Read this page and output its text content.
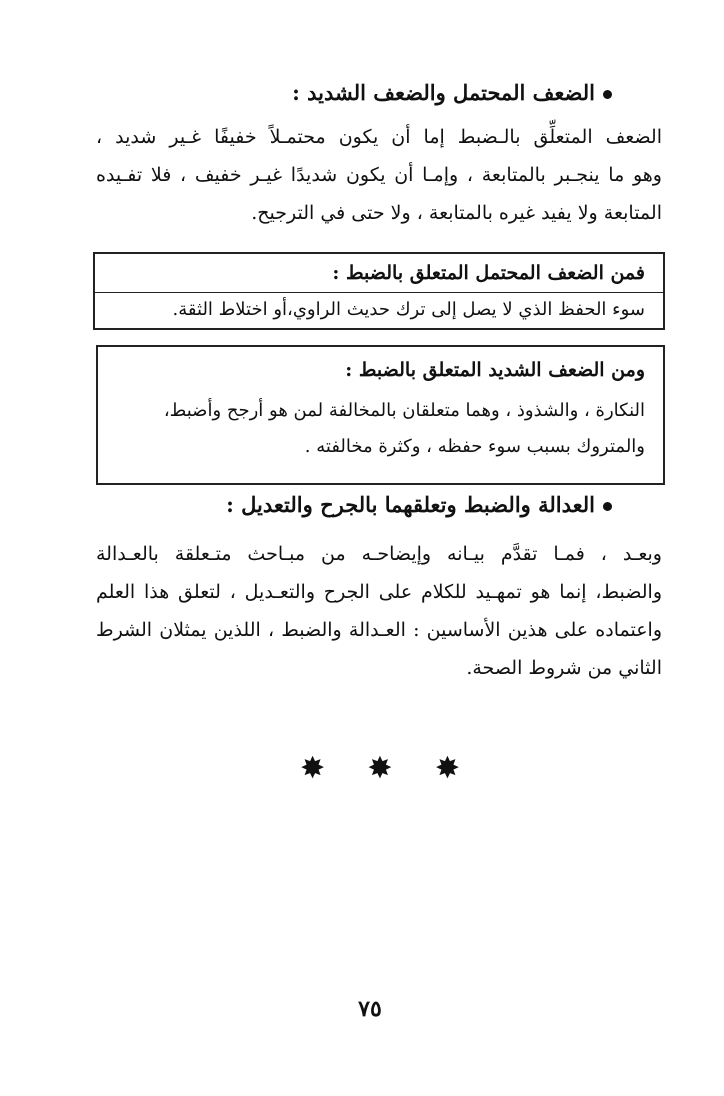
الضعف المحتمل والضعف الشديد :
الضعف المتعلِّق بالـضبط إما أن يكون محتمـلاً خفيفًا غـير شديد ،
وهو ما ينجـبر بالمتابعة ، وإمـا أن يكون شديدًا غيـر خفيف ، فلا تفـيده
المتابعة ولا يفيد غيره بالمتابعة ، ولا حتى في الترجيح.
فمن الضعف المحتمل المتعلق بالضبط :
سوء الحفظ الذي لا يصل إلى ترك حديث الراوي،أو اختلاط الثقة.
ومن الضعف الشديد المتعلق بالضبط :
النكارة ، والشذوذ ، وهما متعلقان بالمخالفة لمن هو أرجح وأضبط،
والمتروك بسبب سوء حفظه ، وكثرة مخالفته .
العدالة والضبط وتعلقهما بالجرح والتعديل :
وبعـد ، فمـا تقدَّم بيـانه وإيضاحـه من مبـاحث متـعلقة بالعـدالة
والضبط، إنما هو تمهـيد للكلام على الجرح والتعـديل ، لتعلق هذا العلم
واعتماده على هذين الأساسين : العـدالة والضبط ، اللذين يمثلان الشرط
الثاني من شروط الصحة.
✸ ✸ ✸
٧٥
